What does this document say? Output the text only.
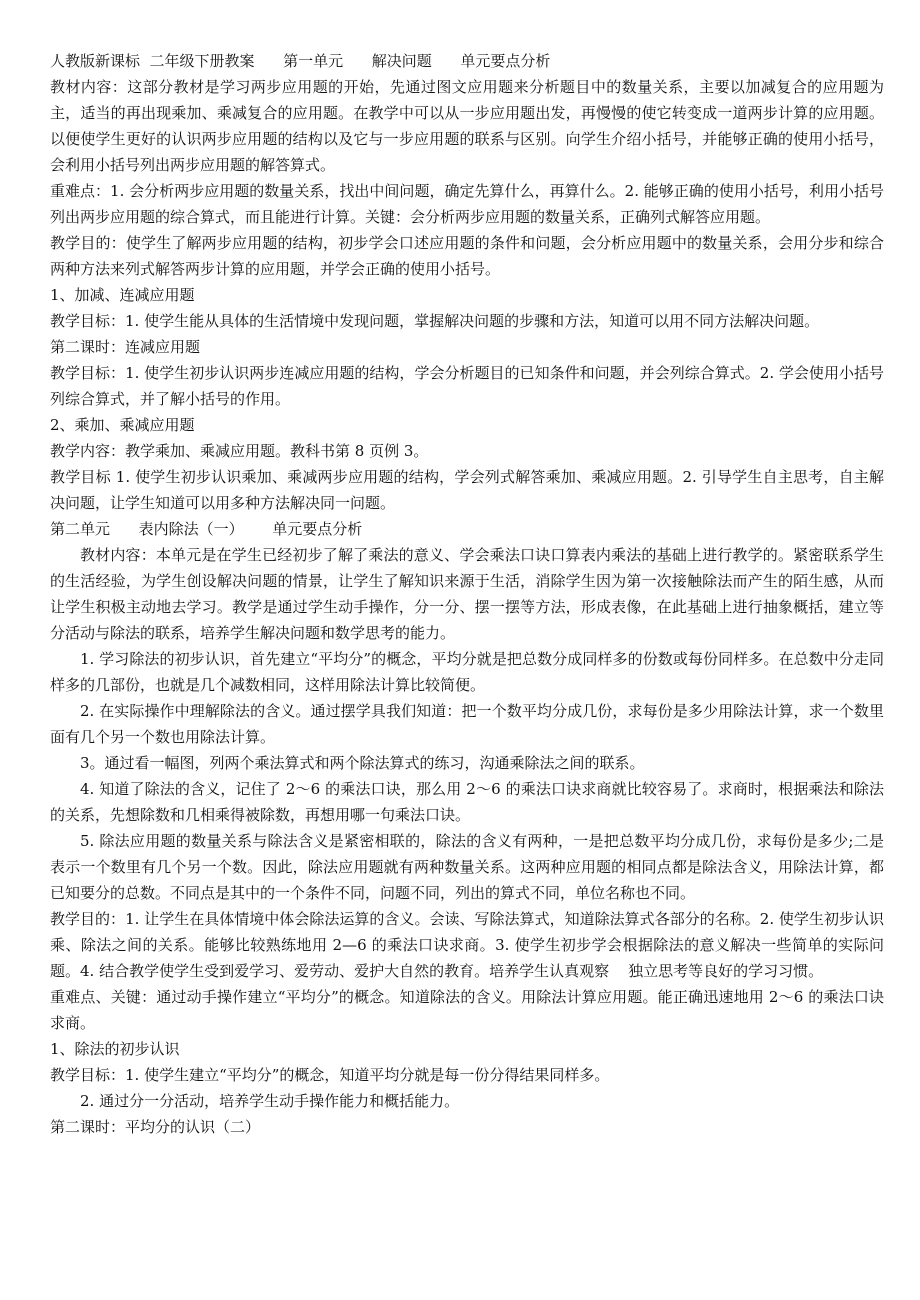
人教版新课标  二年级下册教案      第一单元      解决问题      单元要点分析

教材内容：这部分教材是学习两步应用题的开始，先通过图文应用题来分析题目中的数量关系，主要以加减复合的应用题为主，适当的再出现乘加、乘减复合的应用题。在教学中可以从一步应用题出发，再慢慢的使它转变成一道两步计算的应用题。以便使学生更好的认识两步应用题的结构以及它与一步应用题的联系与区别。向学生介绍小括号，并能够正确的使用小括号，会利用小括号列出两步应用题的解答算式。

重难点：1. 会分析两步应用题的数量关系，找出中间问题，确定先算什么，再算什么。2. 能够正确的使用小括号，利用小括号列出两步应用题的综合算式，而且能进行计算。关键：会分析两步应用题的数量关系，正确列式解答应用题。

教学目的：使学生了解两步应用题的结构，初步学会口述应用题的条件和问题，会分析应用题中的数量关系，会用分步和综合两种方法来列式解答两步计算的应用题，并学会正确的使用小括号。

1、加减、连减应用题

教学目标：1. 使学生能从具体的生活情境中发现问题，掌握解决问题的步骤和方法，知道可以用不同方法解决问题。

第二课时：连减应用题

教学目标：1. 使学生初步认识两步连减应用题的结构，学会分析题目的已知条件和问题，并会列综合算式。2. 学会使用小括号列综合算式，并了解小括号的作用。

2、乘加、乘减应用题

教学内容：教学乘加、乘减应用题。教科书第 8 页例 3。

教学目标 1. 使学生初步认识乘加、乘减两步应用题的结构，学会列式解答乘加、乘减应用题。2. 引导学生自主思考，自主解决问题，让学生知道可以用多种方法解决同一问题。

第二单元      表内除法（一）      单元要点分析

教材内容：本单元是在学生已经初步了解了乘法的意义、学会乘法口诀口算表内乘法的基础上进行教学的。紧密联系学生的生活经验，为学生创设解决问题的情景，让学生了解知识来源于生活，消除学生因为第一次接触除法而产生的陌生感，从而让学生积极主动地去学习。教学是通过学生动手操作，分一分、摆一摆等方法，形成表像，在此基础上进行抽象概括，建立等分活动与除法的联系，培养学生解决问题和数学思考的能力。

1. 学习除法的初步认识，首先建立“平均分”的概念，平均分就是把总数分成同样多的份数或每份同样多。在总数中分走同样多的几部份，也就是几个减数相同，这样用除法计算比较简便。

2. 在实际操作中理解除法的含义。通过摆学具我们知道：把一个数平均分成几份，求每份是多少用除法计算，求一个数里面有几个另一个数也用除法计算。

3。通过看一幅图，列两个乘法算式和两个除法算式的练习，沟通乘除法之间的联系。

4. 知道了除法的含义，记住了 2～6 的乘法口诀，那么用 2～6 的乘法口诀求商就比较容易了。求商时，根据乘法和除法的关系，先想除数和几相乘得被除数，再想用哪一句乘法口诀。

5. 除法应用题的数量关系与除法含义是紧密相联的，除法的含义有两种，一是把总数平均分成几份，求每份是多少;二是表示一个数里有几个另一个数。因此，除法应用题就有两种数量关系。这两种应用题的相同点都是除法含义，用除法计算，都已知要分的总数。不同点是其中的一个条件不同，问题不同，列出的算式不同，单位名称也不同。

教学目的：1. 让学生在具体情境中体会除法运算的含义。会读、写除法算式，知道除法算式各部分的名称。2. 使学生初步认识乘、除法之间的关系。能够比较熟练地用 2—6 的乘法口诀求商。3. 使学生初步学会根据除法的意义解决一些简单的实际问题。4. 结合教学使学生受到爱学习、爱劳动、爱护大自然的教育。培养学生认真观察    独立思考等良好的学习习惯。

重难点、关键：通过动手操作建立“平均分”的概念。知道除法的含义。用除法计算应用题。能正确迅速地用 2～6 的乘法口诀求商。

1、除法的初步认识

教学目标：1. 使学生建立“平均分”的概念，知道平均分就是每一份分得结果同样多。

2. 通过分一分活动，培养学生动手操作能力和概括能力。

第二课时：平均分的认识（二）
